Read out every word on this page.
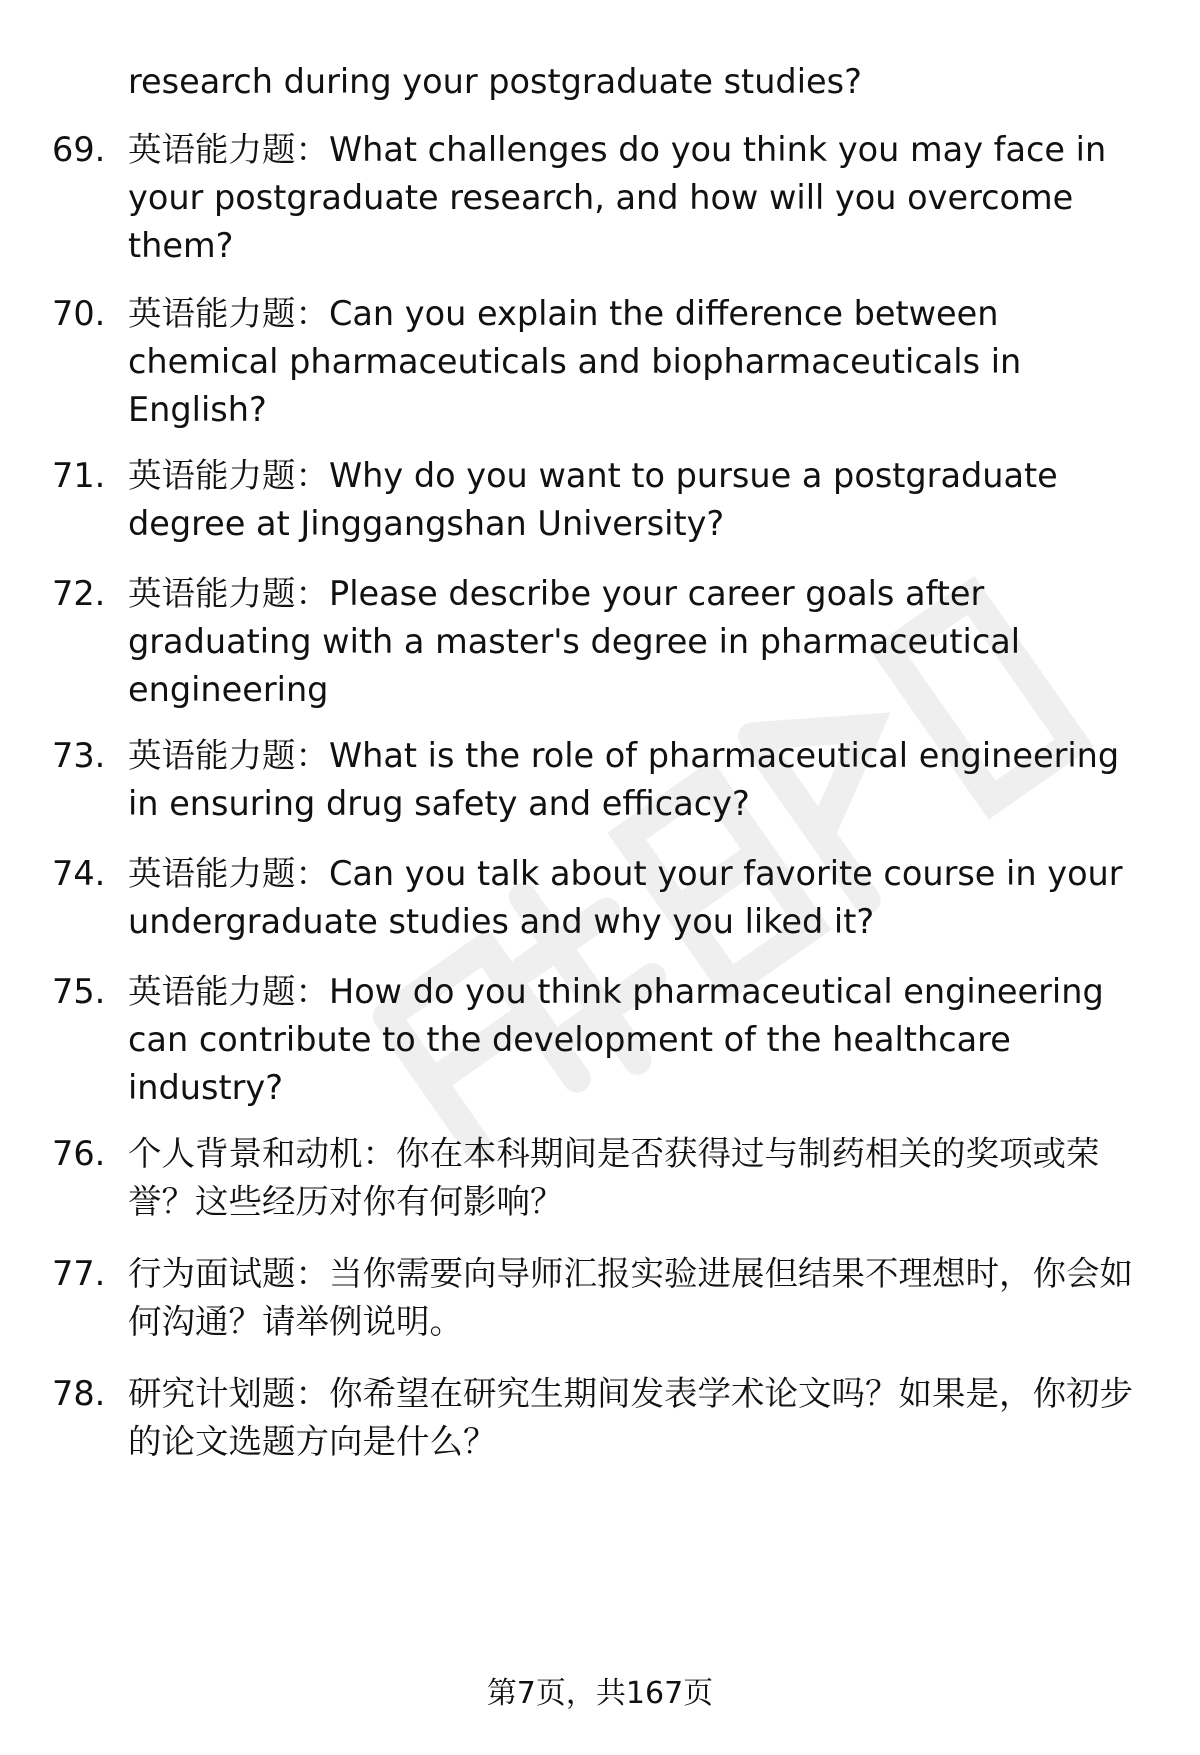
research during your postgraduate studies?
69. 英语能力题：What challenges do you think you may face in your postgraduate research, and how will you overcome them?
70. 英语能力题：Can you explain the difference between chemical pharmaceuticals and biopharmaceuticals in English?
71. 英语能力题：Why do you want to pursue a postgraduate degree at Jinggangshan University?
72. 英语能力题：Please describe your career goals after graduating with a master's degree in pharmaceutical engineering
73. 英语能力题：What is the role of pharmaceutical engineering in ensuring drug safety and efficacy?
74. 英语能力题：Can you talk about your favorite course in your undergraduate studies and why you liked it?
75. 英语能力题：How do you think pharmaceutical engineering can contribute to the development of the healthcare industry?
76. 个人背景和动机：你在本科期间是否获得过与制药相关的奖项或荣誉？这些经历对你有何影响？
77. 行为面试题：当你需要向导师汇报实验进展但结果不理想时，你会如何沟通？请举例说明。
78. 研究计划题：你希望在研究生期间发表学术论文吗？如果是，你初步的论文选题方向是什么？
第7页，共167页
